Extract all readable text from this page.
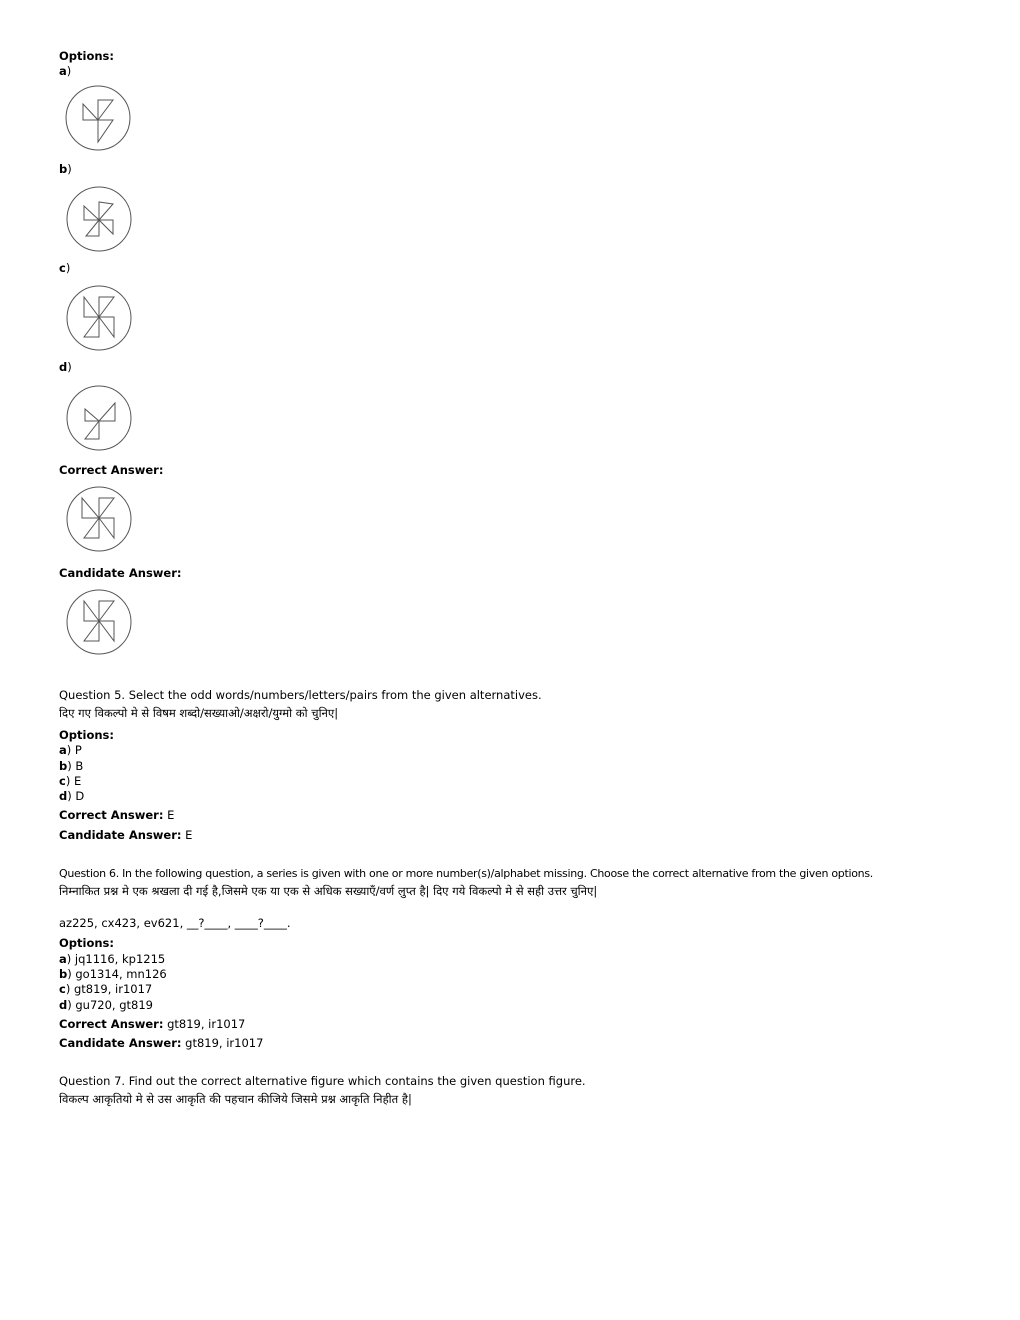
Options:
a)
b)
c)
d)
Correct Answer:
Candidate Answer:
Question 5. Select the odd words/numbers/letters/pairs from the given alternatives.
दिए गए विकल्पो मे से विषम शब्दो/सख्याओ/अक्षरो/युग्मो को चुनिए|
Options:
a) P
b) B
c) E
d) D
Correct Answer: E
Candidate Answer: E
Question 6. In the following question, a series is given with one or more number(s)/alphabet missing. Choose the correct alternative from the given options.
निम्नाकित प्रश्न मे एक श्रखला दी गई है,जिसमे एक या एक से अधिक सख्याएँ/वर्ण लुप्त है| दिए गये विकल्पो मे से सही उत्तर चुनिए|
az225, cx423, ev621, __?____, ____?____.
Options:
a) jq1116, kp1215
b) go1314, mn126
c) gt819, ir1017
d) gu720, gt819
Correct Answer: gt819, ir1017
Candidate Answer: gt819, ir1017
Question 7. Find out the correct alternative figure which contains the given question figure.
विकल्प आकृतियो मे से उस आकृति की पहचान कीजिये जिसमे प्रश्न आकृति निहीत है|
